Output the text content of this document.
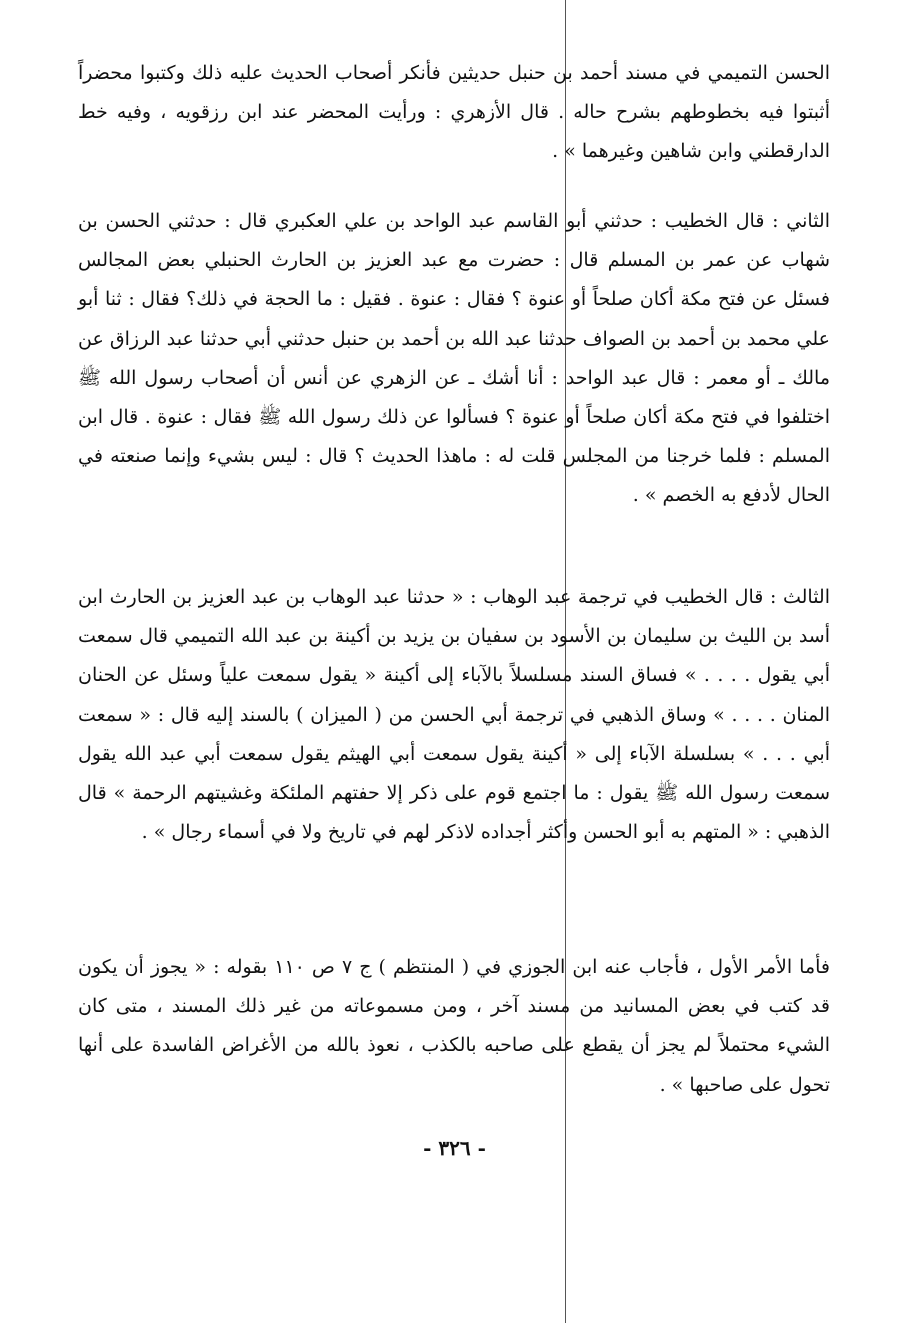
الحسن التميمي في مسند أحمد بن حنبل حديثين فأنكر أصحاب الحديث عليه ذلك وكتبوا محضراً أثبتوا فيه بخطوطهم بشرح حاله . قال الأزهري : ورأيت المحضر عند ابن رزقويه ، وفيه خط الدارقطني وابن شاهين وغيرهما » .

الثاني : قال الخطيب : حدثني أبو القاسم عبد الواحد بن علي العكبري قال : حدثني الحسن بن شهاب عن عمر بن المسلم قال : حضرت مع عبد العزيز بن الحارث الحنبلي بعض المجالس فسئل عن فتح مكة أكان صلحاً أو عنوة ؟ فقال : عنوة . فقيل : ما الحجة في ذلك؟ فقال : ثنا أبو علي محمد بن أحمد بن الصواف حدثنا عبد الله بن أحمد بن حنبل حدثني أبي حدثنا عبد الرزاق عن مالك ـ أو معمر : قال عبد الواحد : أنا أشك ـ عن الزهري عن أنس أن أصحاب رسول الله ﷺ اختلفوا في فتح مكة أكان صلحاً أو عنوة ؟ فسألوا عن ذلك رسول الله ﷺ فقال : عنوة . قال ابن المسلم : فلما خرجنا من المجلس قلت له : ماهذا الحديث ؟ قال : ليس بشيء وإنما صنعته في الحال لأدفع به الخصم » .

الثالث : قال الخطيب في ترجمة عبد الوهاب : « حدثنا عبد الوهاب بن عبد العزيز بن الحارث ابن أسد بن الليث بن سليمان بن الأسود بن سفيان بن يزيد بن أكينة بن عبد الله التميمي قال سمعت أبي يقول . . . . » فساق السند مسلسلاً بالآباء إلى أكينة « يقول سمعت علياً وسئل عن الحنان المنان . . . . » وساق الذهبي في ترجمة أبي الحسن من ( الميزان ) بالسند إليه قال : « سمعت أبي . . . » بسلسلة الآباء إلى « أكينة يقول سمعت أبي الهيثم يقول سمعت أبي عبد الله يقول سمعت رسول الله ﷺ يقول : ما اجتمع قوم على ذكر إلا حفتهم الملئكة وغشيتهم الرحمة » قال الذهبي : « المتهم به أبو الحسن وأكثر أجداده لاذكر لهم في تاريخ ولا في أسماء رجال » .

فأما الأمر الأول ، فأجاب عنه ابن الجوزي في ( المنتظم ) ج ٧ ص ١١٠ بقوله : « يجوز أن يكون قد كتب في بعض المسانيد من مسند آخر ، ومن مسموعاته من غير ذلك المسند ، متى كان الشيء محتملاً لم يجز أن يقطع على صاحبه بالكذب ، نعوذ بالله من الأغراض الفاسدة على أنها تحول على صاحبها » .

- ٣٢٦ -
